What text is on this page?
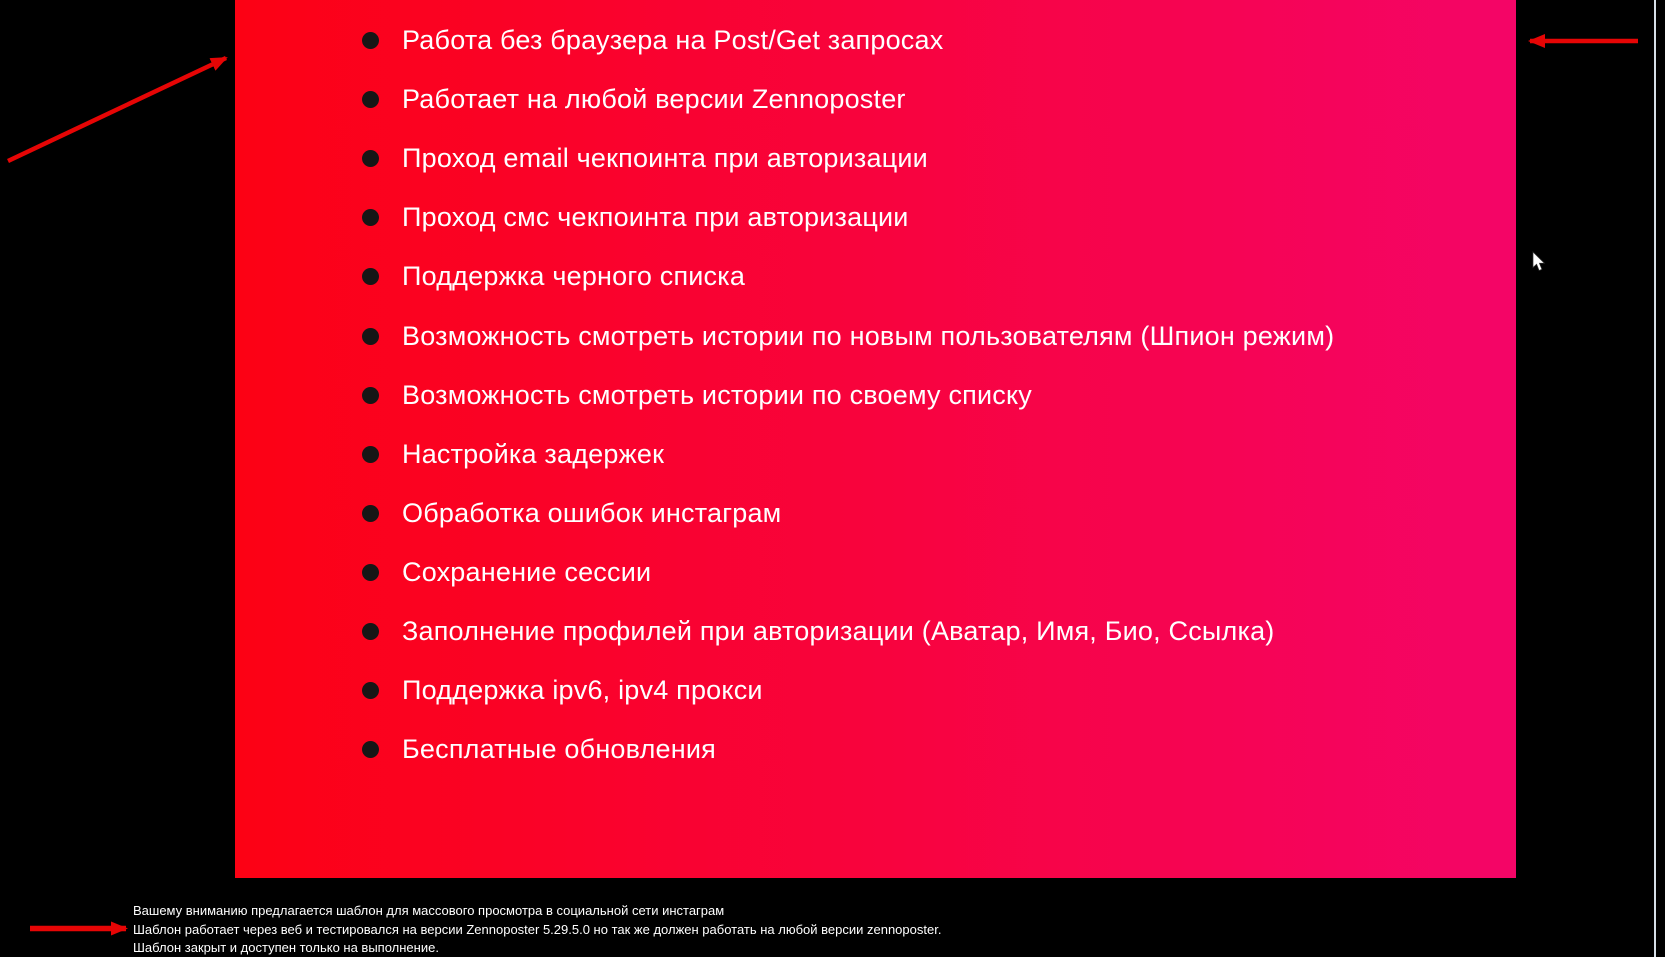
Работа без браузера на Post/Get запросах
Работает на любой версии Zennoposter
Проход email чекпоинта при авторизации
Проход смс чекпоинта при авторизации
Поддержка черного списка
Возможность смотреть истории по новым пользователям (Шпион режим)
Возможность смотреть истории по своему списку
Настройка задержек
Обработка ошибок инстаграм
Сохранение сессии
Заполнение профилей при авторизации (Аватар, Имя, Био, Ссылка)
Поддержка ipv6, ipv4 прокси
Бесплатные обновления
Вашему вниманию предлагается шаблон для массового просмотра в социальной сети инстаграм
Шаблон работает через веб и тестировался на версии Zennoposter 5.29.5.0 но так же должен работать на любой версии zennoposter.
Шаблон закрыт и доступен только на выполнение.
